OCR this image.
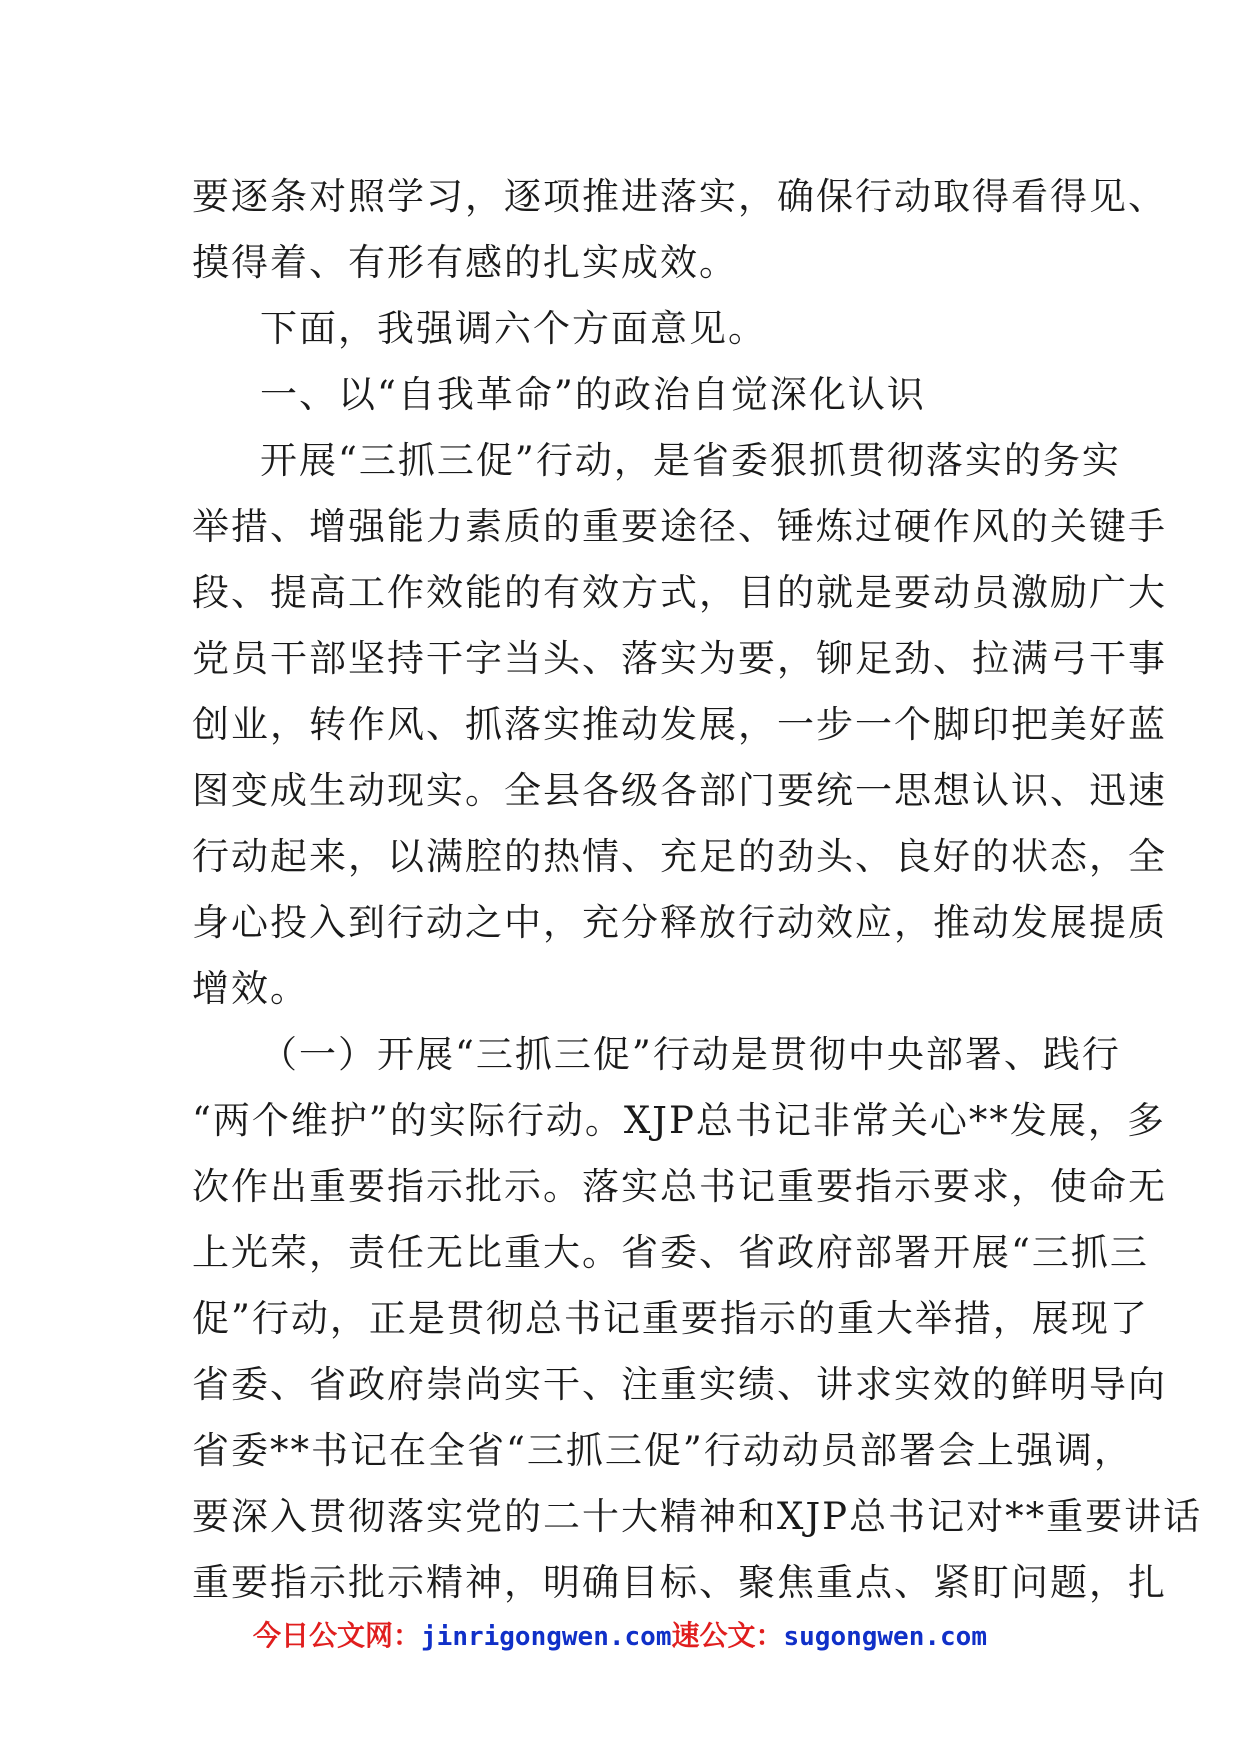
要逐条对照学习，逐项推进落实，确保行动取得看得见、
摸得着、有形有感的扎实成效。
下面，我强调六个方面意见。
一、以“自我革命”的政治自觉深化认识
开展“三抓三促”行动，是省委狠抓贯彻落实的务实
举措、增强能力素质的重要途径、锤炼过硬作风的关键手
段、提高工作效能的有效方式，目的就是要动员激励广大
党员干部坚持干字当头、落实为要，铆足劲、拉满弓干事
创业，转作风、抓落实推动发展，一步一个脚印把美好蓝
图变成生动现实。全县各级各部门要统一思想认识、迅速
行动起来，以满腔的热情、充足的劲头、良好的状态，全
身心投入到行动之中，充分释放行动效应，推动发展提质
增效。
（一）开展“三抓三促”行动是贯彻中央部署、践行
“两个维护”的实际行动。XJP总书记非常关心**发展，多
次作出重要指示批示。落实总书记重要指示要求，使命无
上光荣，责任无比重大。省委、省政府部署开展“三抓三
促”行动，正是贯彻总书记重要指示的重大举措，展现了
省委、省政府崇尚实干、注重实绩、讲求实效的鲜明导向
省委**书记在全省“三抓三促”行动动员部署会上强调，
要深入贯彻落实党的二十大精神和XJP总书记对**重要讲话
重要指示批示精神，明确目标、聚焦重点、紧盯问题，扎
今日公文网：jinrigongwen.com速公文：sugongwen.com
